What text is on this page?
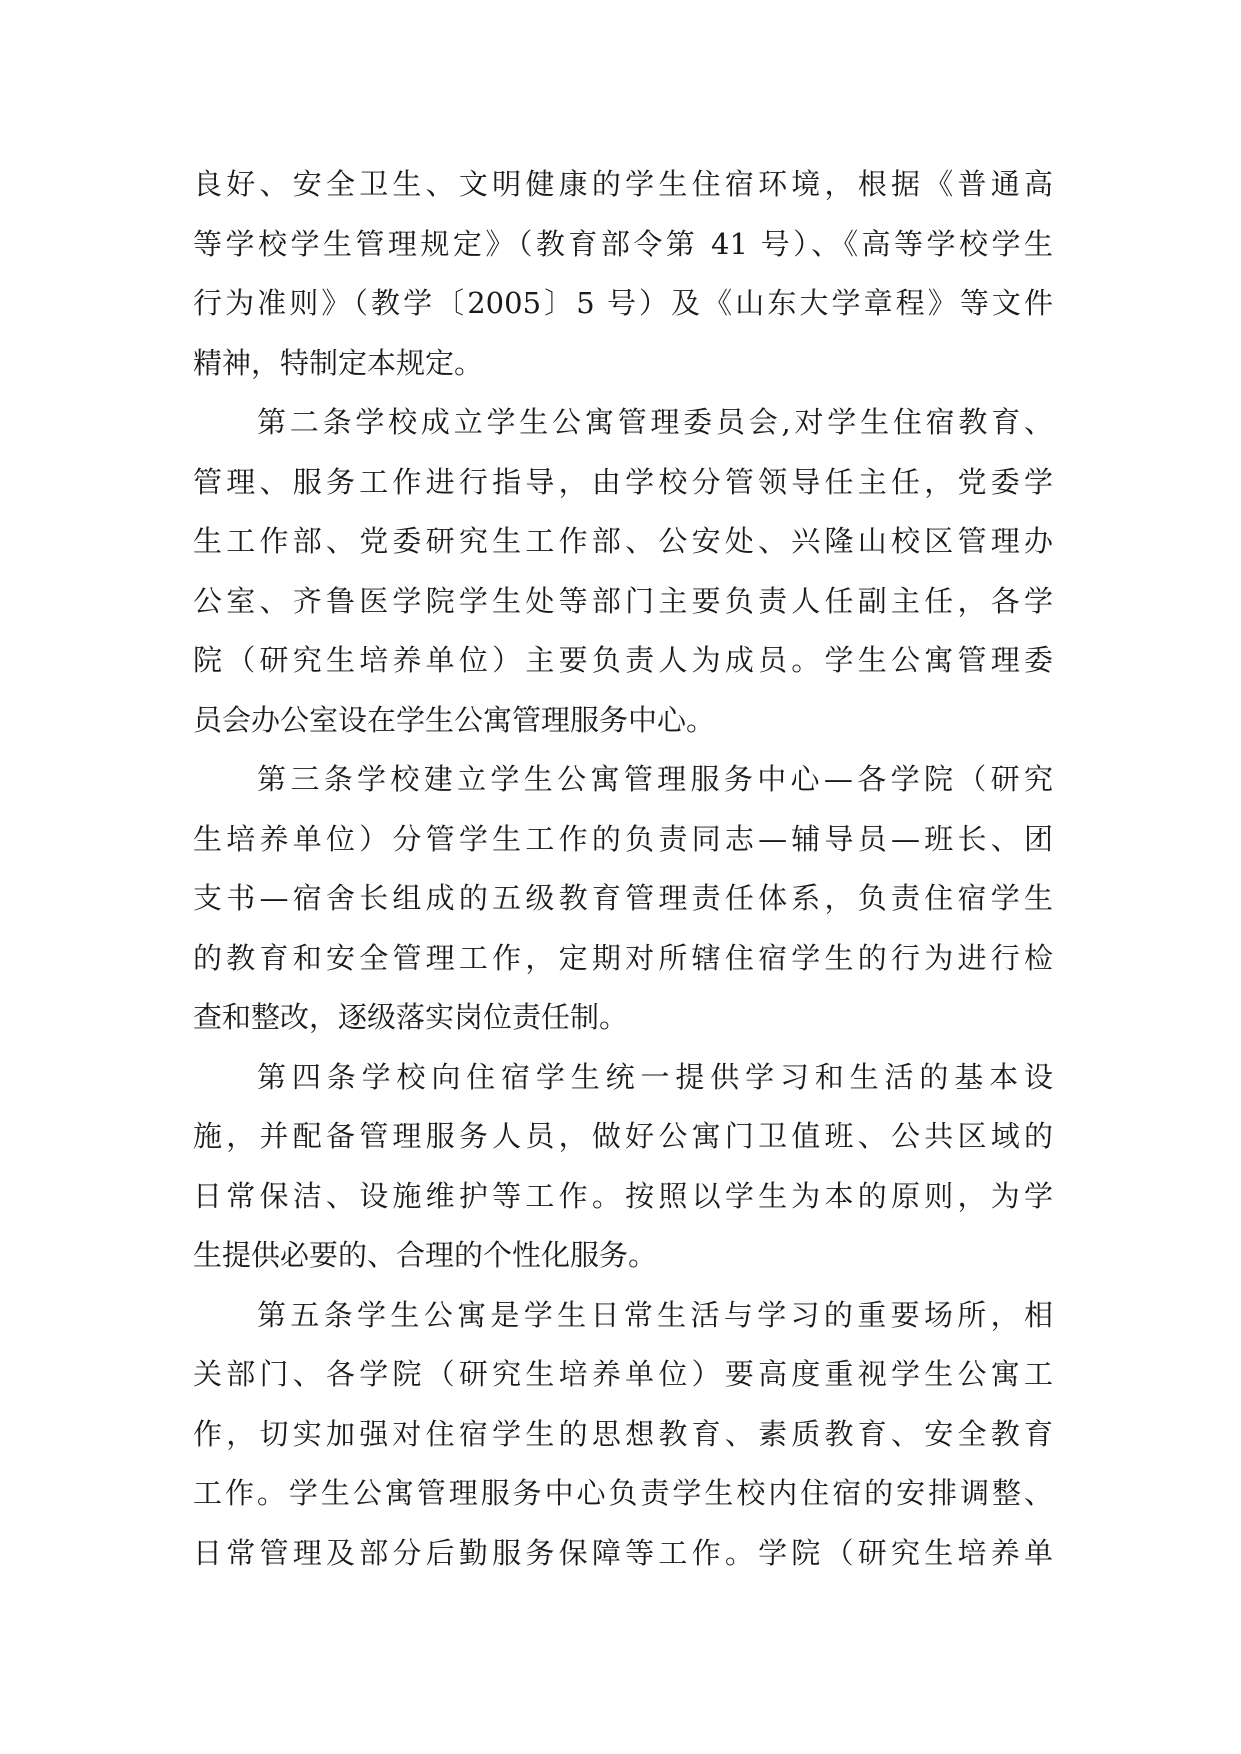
良好、安全卫生、文明健康的学生住宿环境，根据《普通高
等学校学生管理规定》（教育部令第 41 号）、《高等学校学生
行为准则》（教学〔2005〕5 号）及《山东大学章程》等文件
精神，特制定本规定。
第二条学校成立学生公寓管理委员会,对学生住宿教育、
管理、服务工作进行指导，由学校分管领导任主任，党委学
生工作部、党委研究生工作部、公安处、兴隆山校区管理办
公室、齐鲁医学院学生处等部门主要负责人任副主任，各学
院（研究生培养单位）主要负责人为成员。学生公寓管理委
员会办公室设在学生公寓管理服务中心。
第三条学校建立学生公寓管理服务中心—各学院（研究
生培养单位）分管学生工作的负责同志—辅导员—班长、团
支书—宿舍长组成的五级教育管理责任体系，负责住宿学生
的教育和安全管理工作，定期对所辖住宿学生的行为进行检
查和整改，逐级落实岗位责任制。
第四条学校向住宿学生统一提供学习和生活的基本设
施，并配备管理服务人员，做好公寓门卫值班、公共区域的
日常保洁、设施维护等工作。按照以学生为本的原则，为学
生提供必要的、合理的个性化服务。
第五条学生公寓是学生日常生活与学习的重要场所，相
关部门、各学院（研究生培养单位）要高度重视学生公寓工
作，切实加强对住宿学生的思想教育、素质教育、安全教育
工作。学生公寓管理服务中心负责学生校内住宿的安排调整、
日常管理及部分后勤服务保障等工作。学院（研究生培养单
